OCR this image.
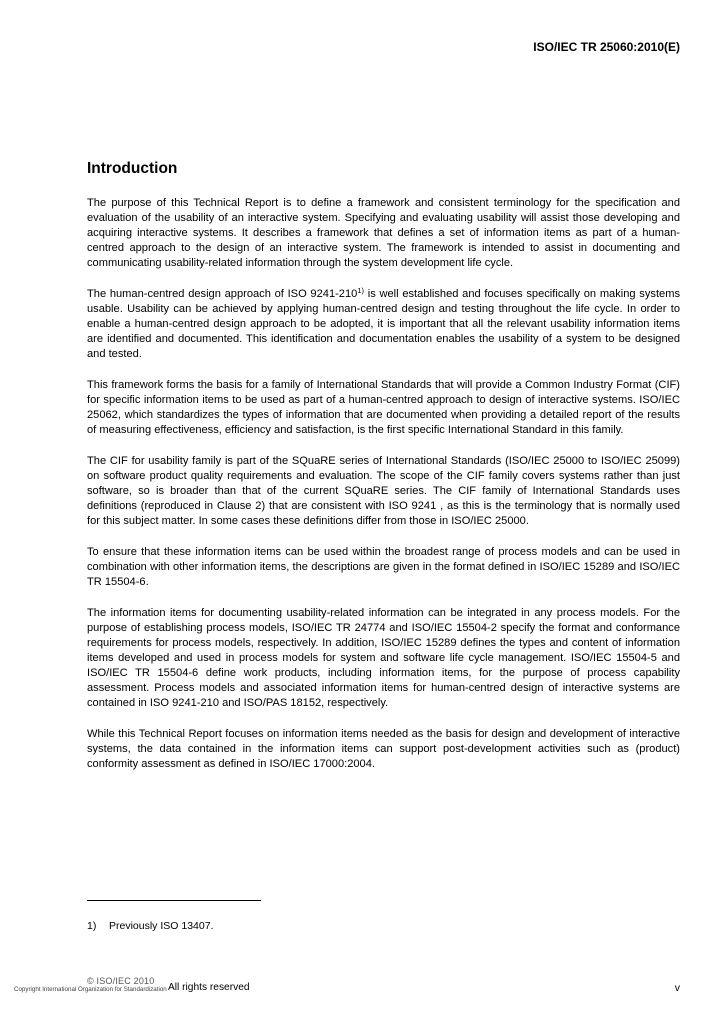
ISO/IEC TR 25060:2010(E)
Introduction

The purpose of this Technical Report is to define a framework and consistent terminology for the specification and evaluation of the usability of an interactive system. Specifying and evaluating usability will assist those developing and acquiring interactive systems. It describes a framework that defines a set of information items as part of a human-centred approach to the design of an interactive system. The framework is intended to assist in documenting and communicating usability-related information through the system development life cycle.

The human-centred design approach of ISO 9241-210$^{1)}$ is well established and focuses specifically on making systems usable. Usability can be achieved by applying human-centred design and testing throughout the life cycle. In order to enable a human-centred design approach to be adopted, it is important that all the relevant usability information items are identified and documented. This identification and documentation enables the usability of a system to be designed and tested.

This framework forms the basis for a family of International Standards that will provide a Common Industry Format (CIF) for specific information items to be used as part of a human-centred approach to design of interactive systems. ISO/IEC 25062, which standardizes the types of information that are documented when providing a detailed report of the results of measuring effectiveness, efficiency and satisfaction, is the first specific International Standard in this family.

The CIF for usability family is part of the SQuaRE series of International Standards (ISO/IEC 25000 to ISO/IEC 25099) on software product quality requirements and evaluation. The scope of the CIF family covers systems rather than just software, so is broader than that of the current SQuaRE series. The CIF family of International Standards uses definitions (reproduced in Clause 2) that are consistent with ISO 9241 , as this is the terminology that is normally used for this subject matter. In some cases these definitions differ from those in ISO/IEC 25000.

To ensure that these information items can be used within the broadest range of process models and can be used in combination with other information items, the descriptions are given in the format defined in ISO/IEC 15289 and ISO/IEC TR 15504-6.

The information items for documenting usability-related information can be integrated in any process models. For the purpose of establishing process models, ISO/IEC TR 24774 and ISO/IEC 15504-2 specify the format and conformance requirements for process models, respectively. In addition, ISO/IEC 15289 defines the types and content of information items developed and used in process models for system and software life cycle management. ISO/IEC 15504-5 and ISO/IEC TR 15504-6 define work products, including information items, for the purpose of process capability assessment. Process models and associated information items for human-centred design of interactive systems are contained in ISO 9241-210 and ISO/PAS 18152, respectively.

While this Technical Report focuses on information items needed as the basis for design and development of interactive systems, the data contained in the information items can support post-development activities such as (product) conformity assessment as defined in ISO/IEC 17000:2004.

1) Previously ISO 13407.
© ISO/IEC 2010
Copyright International Organization for Standardization All rights reserved	v
